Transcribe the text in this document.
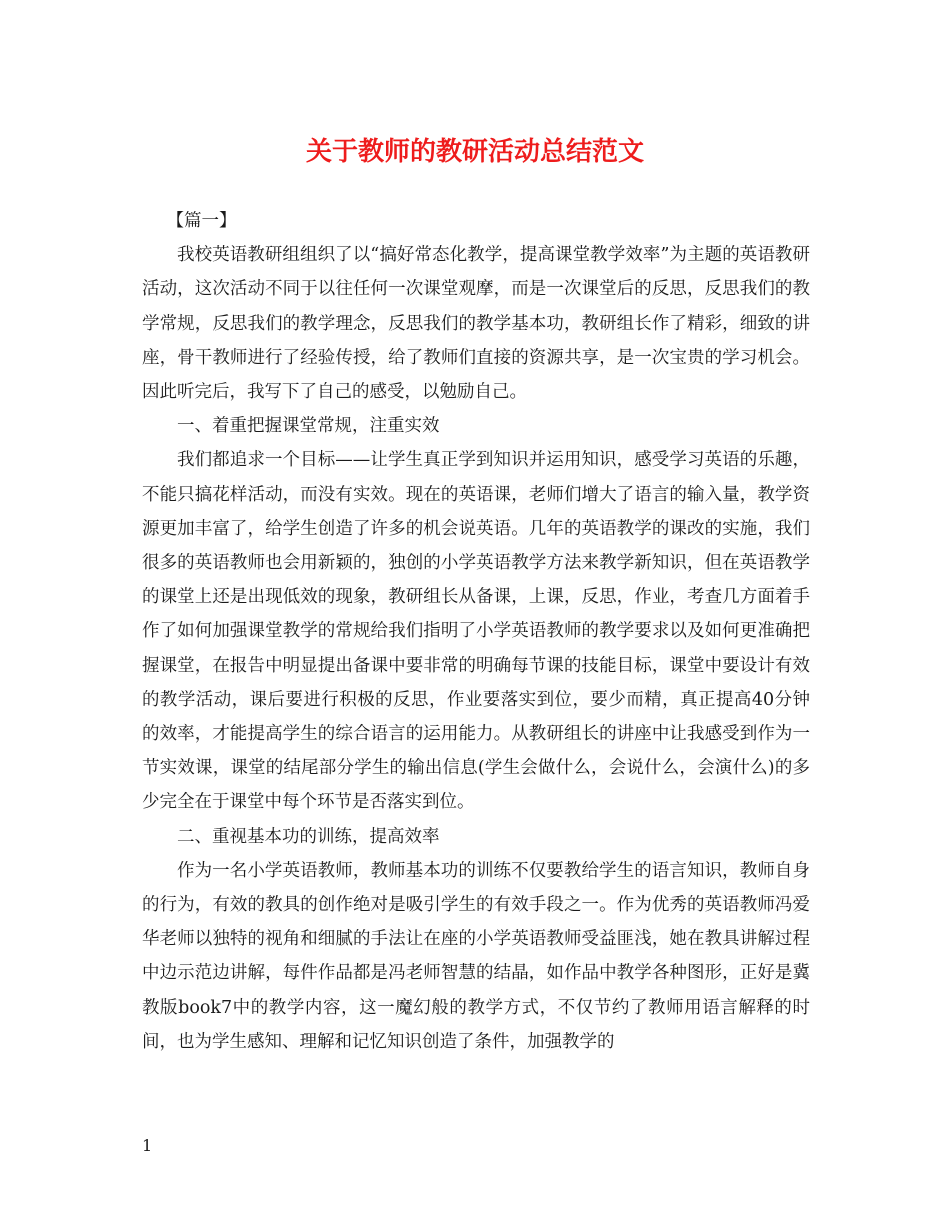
关于教师的教研活动总结范文

【篇一】

我校英语教研组组织了以“搞好常态化教学，提高课堂教学效率”为主题的英语教研活动，这次活动不同于以往任何一次课堂观摩，而是一次课堂后的反思，反思我们的教学常规，反思我们的教学理念，反思我们的教学基本功，教研组长作了精彩，细致的讲座，骨干教师进行了经验传授，给了教师们直接的资源共享，是一次宝贵的学习机会。因此听完后，我写下了自己的感受，以勉励自己。

一、着重把握课堂常规，注重实效

我们都追求一个目标——让学生真正学到知识并运用知识，感受学习英语的乐趣，不能只搞花样活动，而没有实效。现在的英语课，老师们增大了语言的输入量，教学资源更加丰富了，给学生创造了许多的机会说英语。几年的英语教学的课改的实施，我们很多的英语教师也会用新颖的，独创的小学英语教学方法来教学新知识，但在英语教学的课堂上还是出现低效的现象，教研组长从备课，上课，反思，作业，考查几方面着手作了如何加强课堂教学的常规给我们指明了小学英语教师的教学要求以及如何更准确把握课堂，在报告中明显提出备课中要非常的明确每节课的技能目标，课堂中要设计有效的教学活动，课后要进行积极的反思，作业要落实到位，要少而精，真正提高40分钟的效率，才能提高学生的综合语言的运用能力。从教研组长的讲座中让我感受到作为一节实效课，课堂的结尾部分学生的输出信息(学生会做什么，会说什么，会演什么)的多少完全在于课堂中每个环节是否落实到位。

二、重视基本功的训练，提高效率

作为一名小学英语教师，教师基本功的训练不仅要教给学生的语言知识，教师自身的行为，有效的教具的创作绝对是吸引学生的有效手段之一。作为优秀的英语教师冯爱华老师以独特的视角和细腻的手法让在座的小学英语教师受益匪浅，她在教具讲解过程中边示范边讲解，每件作品都是冯老师智慧的结晶，如作品中教学各种图形，正好是冀教版book7中的教学内容，这一魔幻般的教学方式，不仅节约了教师用语言解释的时间，也为学生感知、理解和记忆知识创造了条件，加强教学的

1
